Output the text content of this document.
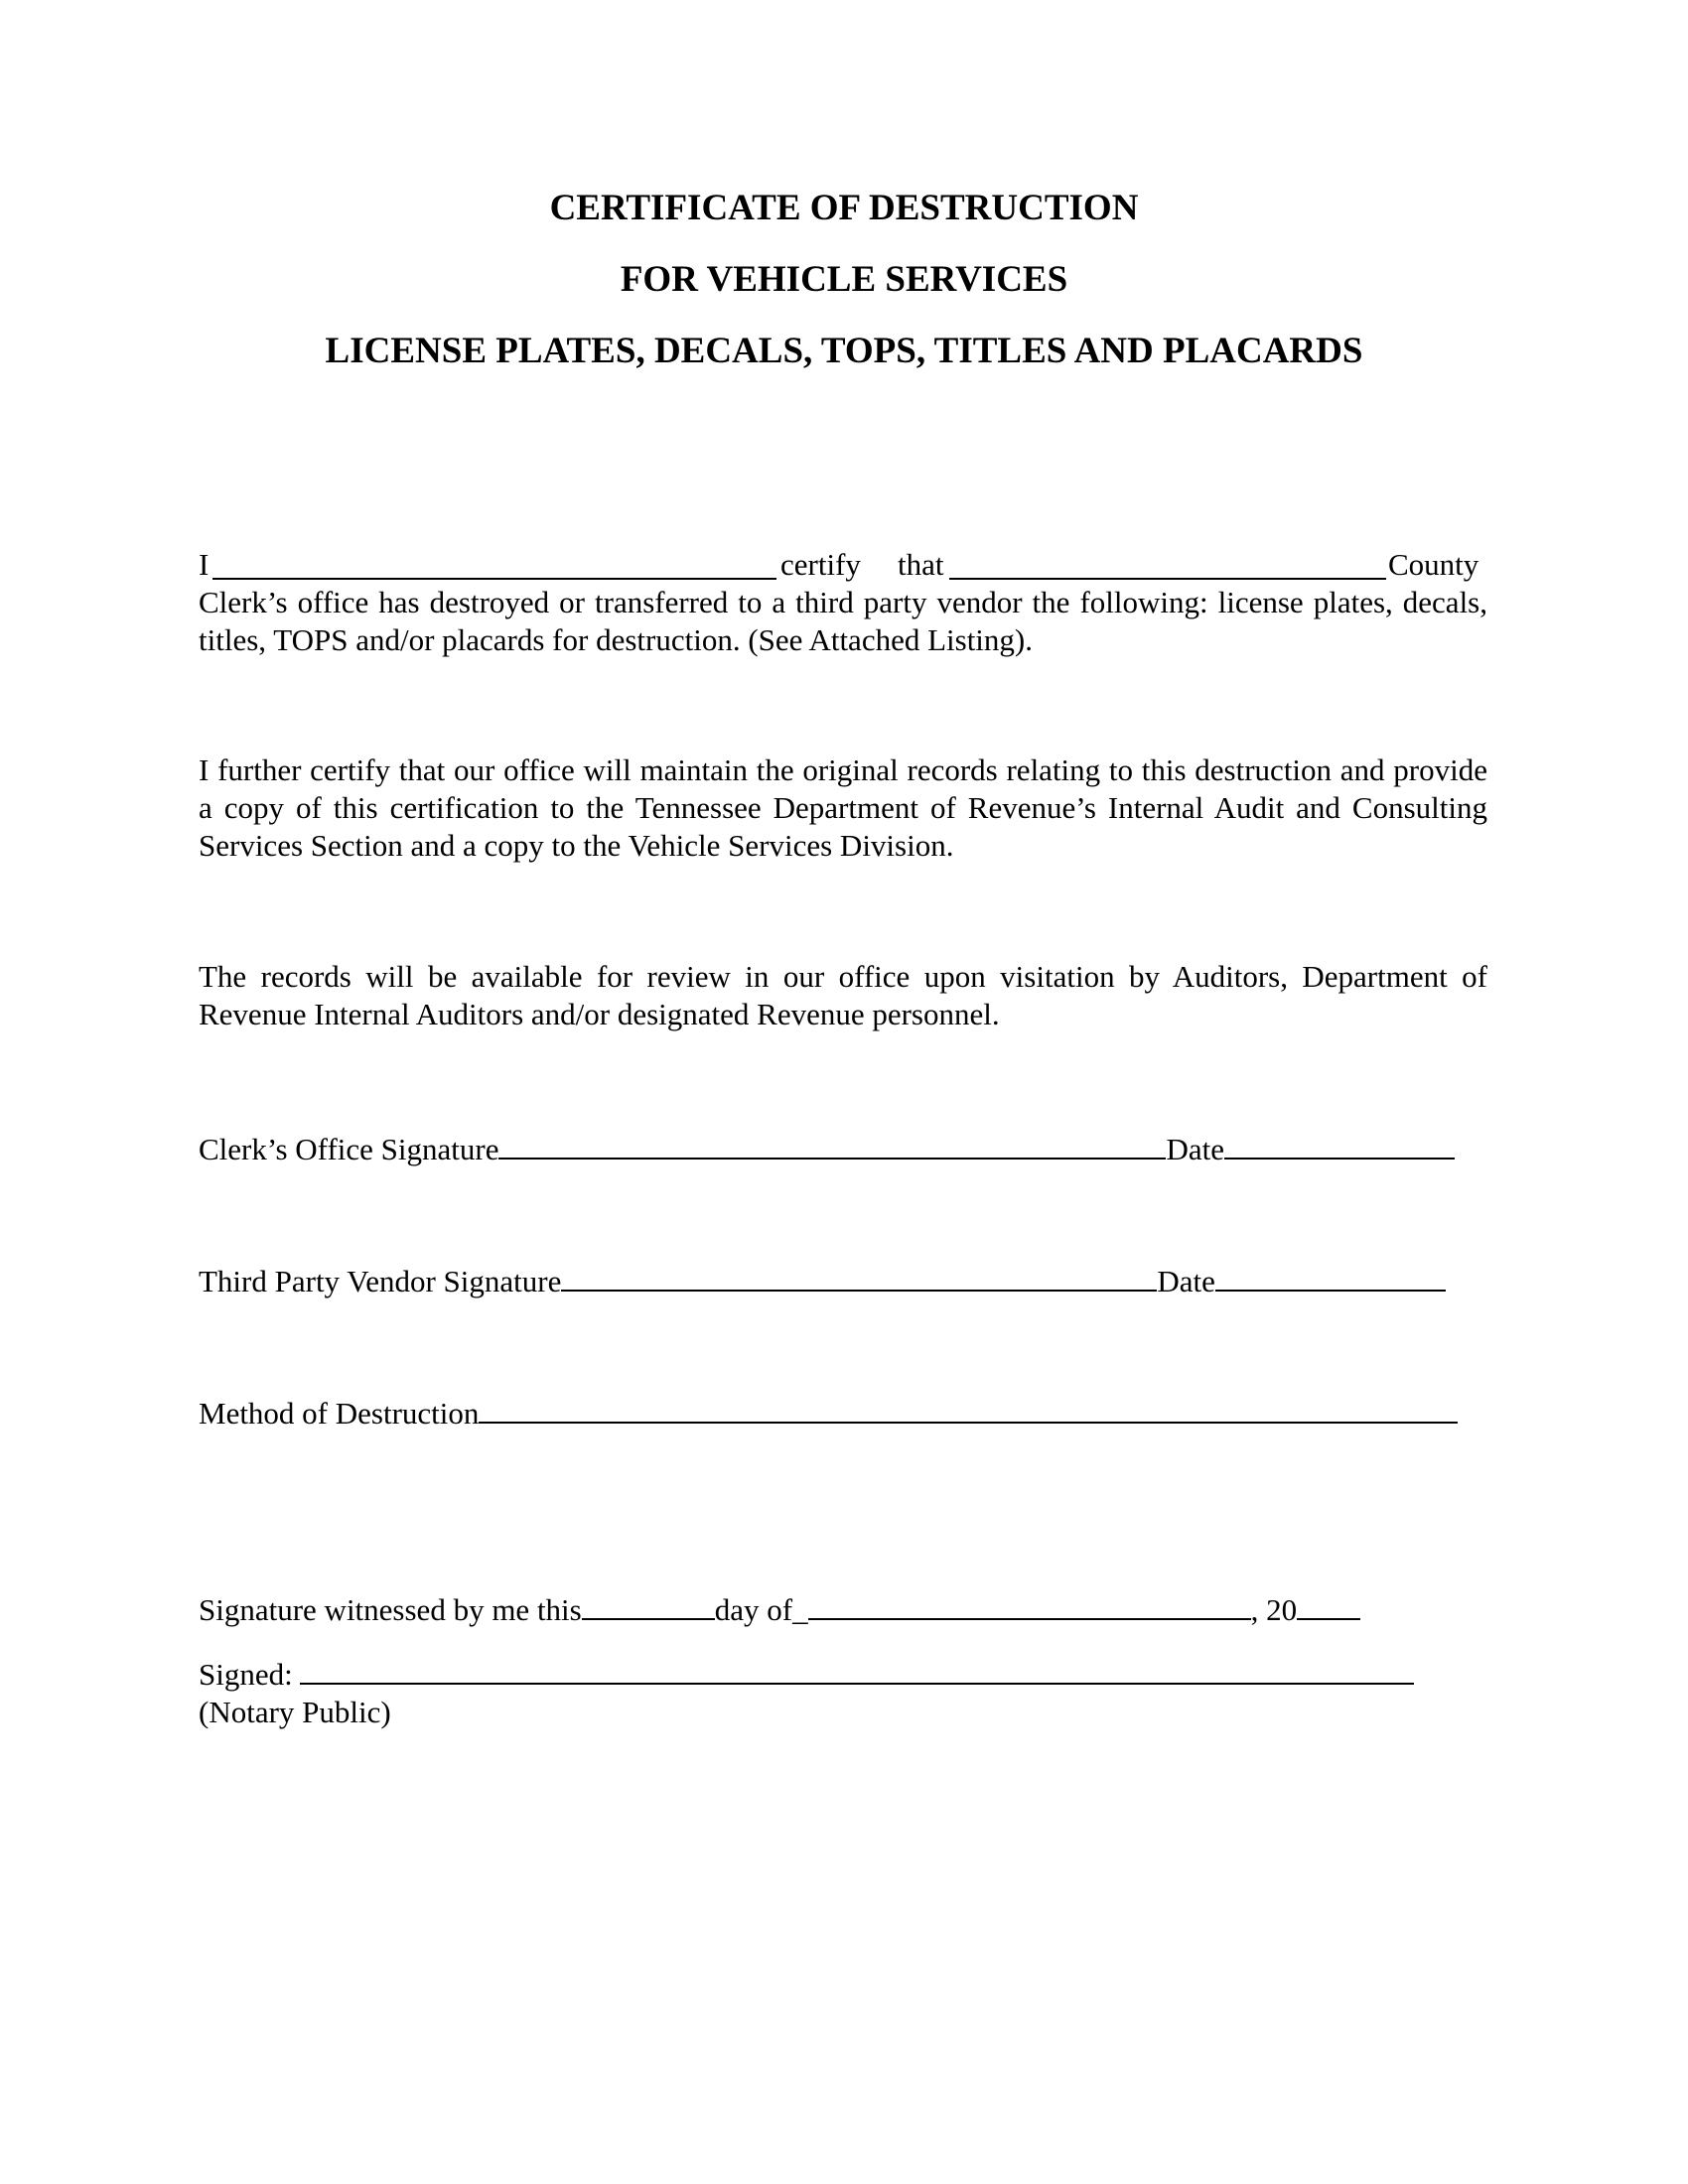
CERTIFICATE OF DESTRUCTION
FOR VEHICLE SERVICES
LICENSE PLATES, DECALS, TOPS, TITLES AND PLACARDS
I	certify that	County
Clerk’s office has destroyed or transferred to a third party vendor the following: license plates, decals, titles, TOPS and/or placards for destruction. (See Attached Listing).
I further certify that our office will maintain the original records relating to this destruction and provide a copy of this certification to the Tennessee Department of Revenue’s Internal Audit and Consulting Services Section and a copy to the Vehicle Services Division.
The records will be available for review in our office upon visitation by Auditors, Department of Revenue Internal Auditors and/or designated Revenue personnel.
Clerk’s Office Signature	Date
Third Party Vendor Signature	Date
Method of Destruction
Signature witnessed by me this	day of_	, 20
Signed:
(Notary Public)
